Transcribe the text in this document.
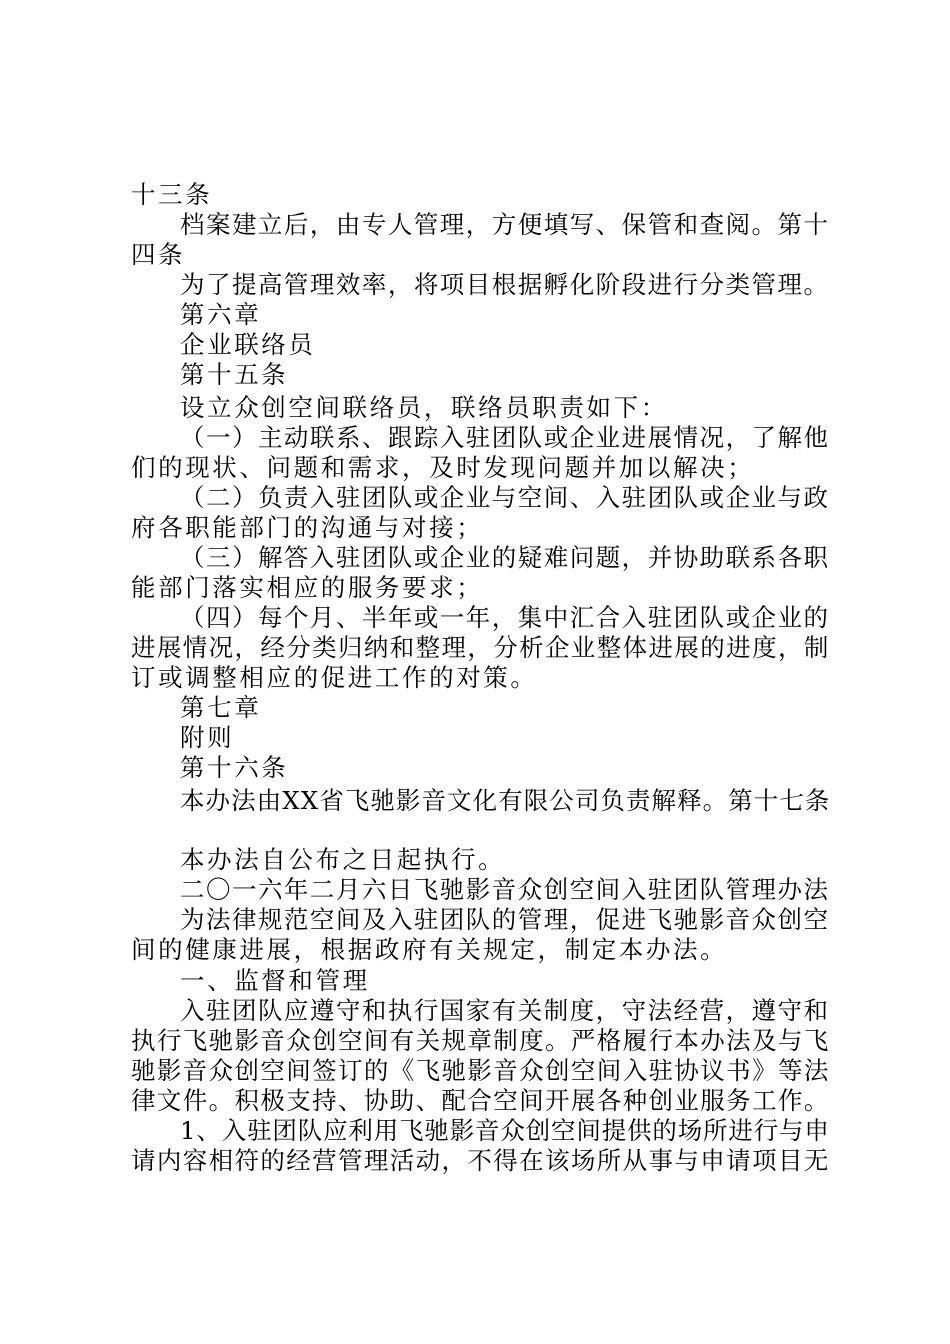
十三条
档案建立后，由专人管理，方便填写、保管和查阅。第十
四条
为了提高管理效率，将项目根据孵化阶段进行分类管理。
第六章
企业联络员
第十五条
设立众创空间联络员，联络员职责如下：
（一）主动联系、跟踪入驻团队或企业进展情况，了解他
们的现状、问题和需求，及时发现问题并加以解决；
（二）负责入驻团队或企业与空间、入驻团队或企业与政
府各职能部门的沟通与对接；
（三）解答入驻团队或企业的疑难问题，并协助联系各职
能部门落实相应的服务要求；
（四）每个月、半年或一年，集中汇合入驻团队或企业的
进展情况，经分类归纳和整理，分析企业整体进展的进度，制
订或调整相应的促进工作的对策。
第七章
附则
第十六条
本办法由XX省飞驰影音文化有限公司负责解释。第十七条
本办法自公布之日起执行。
二〇一六年二月六日飞驰影音众创空间入驻团队管理办法
为法律规范空间及入驻团队的管理，促进飞驰影音众创空
间的健康进展，根据政府有关规定，制定本办法。
一、监督和管理
入驻团队应遵守和执行国家有关制度，守法经营，遵守和
执行飞驰影音众创空间有关规章制度。严格履行本办法及与飞
驰影音众创空间签订的《飞驰影音众创空间入驻协议书》等法
律文件。积极支持、协助、配合空间开展各种创业服务工作。
1、入驻团队应利用飞驰影音众创空间提供的场所进行与申
请内容相符的经营管理活动，不得在该场所从事与申请项目无
